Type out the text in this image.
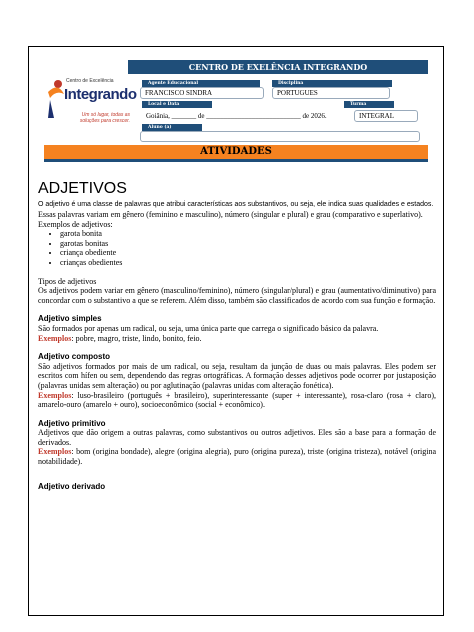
Centro de Excelência
Integrando
Um só lugar, todas as soluções para crescer.
CENTRO DE EXELÊNCIA INTEGRANDO
Agente Educacional
FRANCISCO SINDRA
Disciplina
PORTUGUES
Local e Data
Goiânia, _______ de ___________________________ de 2026.
Turma
INTEGRAL
Aluno (a)
ATIVIDADES
ADJETIVOS

O adjetivo é uma classe de palavras que atribui características aos substantivos, ou seja, ele indica suas qualidades e estados.

Essas palavras variam em gênero (feminino e masculino), número (singular e plural) e grau (comparativo e superlativo).

Exemplos de adjetivos:

• garota bonita
• garotas bonitas
• criança obediente
• crianças obedientes

Tipos de adjetivos

Os adjetivos podem variar em gênero (masculino/feminino), número (singular/plural) e grau (aumentativo/diminutivo) para concordar com o substantivo a que se referem. Além disso, também são classificados de acordo com sua função e formação.

Adjetivo simples

São formados por apenas um radical, ou seja, uma única parte que carrega o significado básico da palavra.

Exemplos: pobre, magro, triste, lindo, bonito, feio.

Adjetivo composto

São adjetivos formados por mais de um radical, ou seja, resultam da junção de duas ou mais palavras. Eles podem ser escritos com hífen ou sem, dependendo das regras ortográficas. A formação desses adjetivos pode ocorrer por justaposição (palavras unidas sem alteração) ou por aglutinação (palavras unidas com alteração fonética).

Exemplos: luso-brasileiro (português + brasileiro), superinteressante (super + interessante), rosa-claro (rosa + claro), amarelo-ouro (amarelo + ouro), socioeconômico (social + econômico).

Adjetivo primitivo

Adjetivos que dão origem a outras palavras, como substantivos ou outros adjetivos. Eles são a base para a formação de derivados.

Exemplos: bom (origina bondade), alegre (origina alegria), puro (origina pureza), triste (origina tristeza), notável (origina notabilidade).

Adjetivo derivado
